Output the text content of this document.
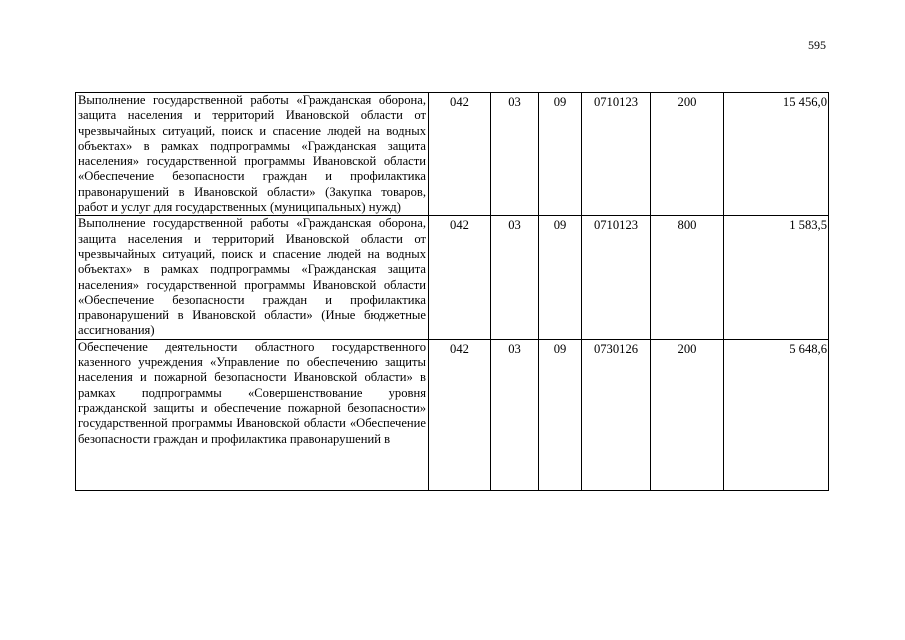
595
Выполнение государственной работы «Гражданская оборона, защита населения и территорий Ивановской области от чрезвычайных ситуаций, поиск и спасение людей на водных объектах» в рамках подпрограммы «Гражданская защита населения» государственной программы Ивановской области «Обеспечение безопасности граждан и профилактика правонарушений в Ивановской области» (Закупка товаров, работ и услуг для государственных (муниципальных) нужд)	042	03	09	0710123	200	15 456,0
Выполнение государственной работы «Гражданская оборона, защита населения и территорий Ивановской области от чрезвычайных ситуаций, поиск и спасение людей на водных объектах» в рамках подпрограммы «Гражданская защита населения» государственной программы Ивановской области «Обеспечение безопасности граждан и профилактика правонарушений в Ивановской области» (Иные бюджетные ассигнования)	042	03	09	0710123	800	1 583,5

Обеспечение деятельности областного государственного казенного учреждения «Управление по обеспечению защиты населения и пожарной безопасности Ивановской области» в рамках подпрограммы «Совершенствование уровня гражданской защиты и обеспечение пожарной безопасности» государственной программы Ивановской области «Обеспечение безопасности граждан и профилактика правонарушений в	042	03	09	0730126	200	5 648,6
